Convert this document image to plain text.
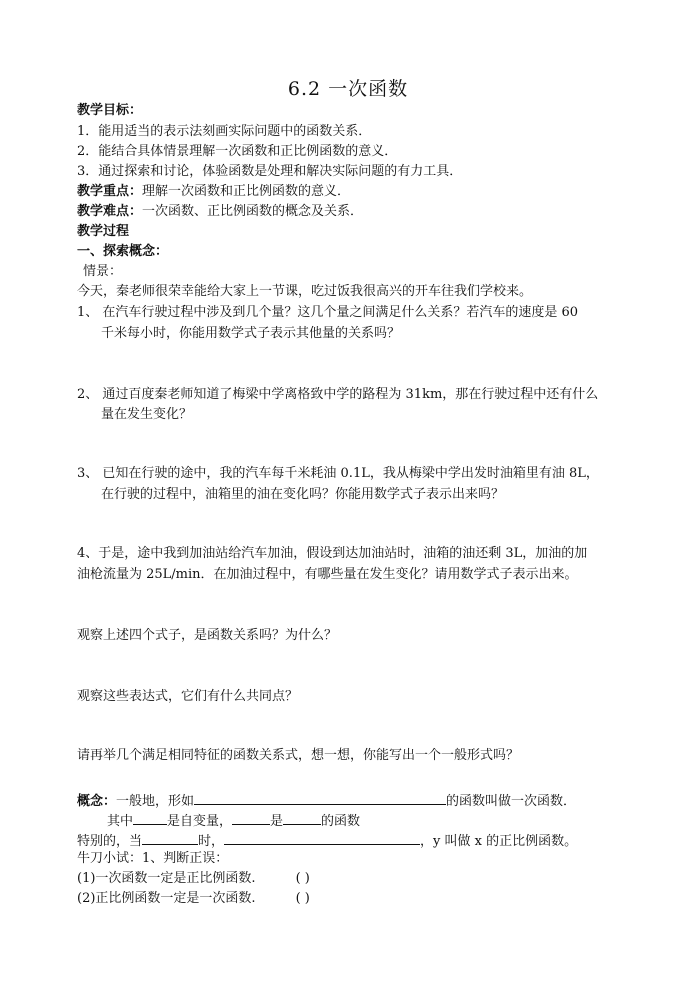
6.2 一次函数
教学目标：
1．能用适当的表示法刻画实际问题中的函数关系．
2．能结合具体情景理解一次函数和正比例函数的意义．
3．通过探索和讨论，体验函数是处理和解决实际问题的有力工具．
教学重点：理解一次函数和正比例函数的意义．
教学难点：一次函数、正比例函数的概念及关系．
教学过程
一、探索概念：
情景：
今天，秦老师很荣幸能给大家上一节课，吃过饭我很高兴的开车往我们学校来。
1、 在汽车行驶过程中涉及到几个量？这几个量之间满足什么关系？若汽车的速度是 60
千米每小时，你能用数学式子表示其他量的关系吗？
2、 通过百度秦老师知道了梅梁中学离格致中学的路程为 31km，那在行驶过程中还有什么
量在发生变化？
3、 已知在行驶的途中，我的汽车每千米耗油 0.1L，我从梅梁中学出发时油箱里有油 8L，
在行驶的过程中，油箱里的油在变化吗？你能用数学式子表示出来吗？
4、于是，途中我到加油站给汽车加油，假设到达加油站时，油箱的油还剩 3L，加油的加
油枪流量为 25L/min．在加油过程中，有哪些量在发生变化？请用数学式子表示出来。
观察上述四个式子，是函数关系吗？为什么？
观察这些表达式，它们有什么共同点？
请再举几个满足相同特征的函数关系式，想一想，你能写出一个一般形式吗？
概念：一般地，形如	的函数叫做一次函数．
其中	是自变量，	是	的函数
特别的，当	时，	，y 叫做 x 的正比例函数。
牛刀小试：1、判断正误：
(1)一次函数一定是正比例函数.	( )
(2)正比例函数一定是一次函数.	( )
